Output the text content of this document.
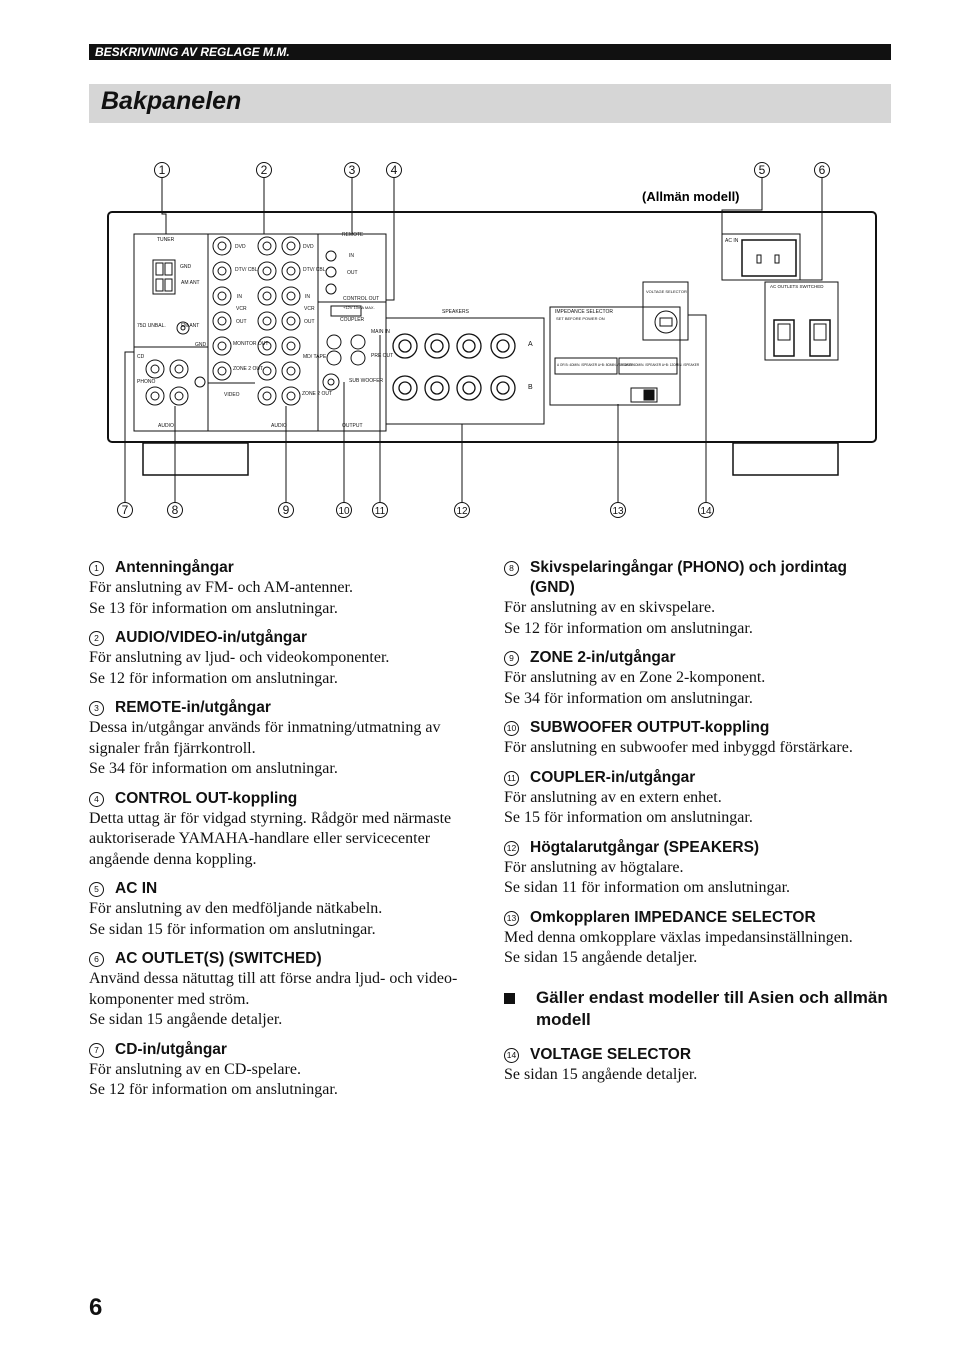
BESKRIVNING AV REGLAGE M.M.
Bakpanelen
1	2	3	4	5	6
(Allmän modell)
7	8	9	10	11	12	13	14
TUNER
GND
AM ANT
75Ω UNBAL.	FM ANT
GND
CD
PHONO
AUDIO
DVD
DTV/ CBL
IN
VCR
OUT
MONITOR OUT
ZONE 2 OUT
VIDEO
DVD
DTV/ CBL
IN
VCR
OUT
MD/ TAPE
ZONE 2 OUT
AUDIO
REMOTE
IN
OUT
CONTROL OUT
+12V 10mA MAX.
COUPLER
MAIN IN
PRE OUT
SUB WOOFER
OUTPUT
SPEAKERS
A
B
IMPEDANCE SELECTOR
SET BEFORE POWER ON
A OR B: 4ΩMIN. /SPEAKER A+B: 8ΩMIN. /SPEAKER
A OR B: 6ΩMIN. /SPEAKER A+B: 12ΩMIN. /SPEAKER
VOLTAGE SELECTOR
AC IN
AC OUTLETS SWITCHED
1	Antenningångar
För anslutning av FM- och AM-antenner.
Se 13 för information om anslutningar.
2	AUDIO/VIDEO-in/utgångar
För anslutning av ljud- och videokomponenter.
Se 12 för information om anslutningar.
3	REMOTE-in/utgångar
Dessa in/utgångar används för inmatning/utmatning av signaler från fjärrkontroll.
Se 34 för information om anslutningar.
4	CONTROL OUT-koppling
Detta uttag är för vidgad styrning. Rådgör med närmaste auktoriserade YAMAHA-handlare eller servicecenter angående denna koppling.
5	AC IN
För anslutning av den medföljande nätkabeln.
Se sidan 15 för information om anslutningar.
6	AC OUTLET(S) (SWITCHED)
Använd dessa nätuttag till att förse andra ljud- och video-komponenter med ström.
Se sidan 15 angående detaljer.
7	CD-in/utgångar
För anslutning av en CD-spelare.
Se 12 för information om anslutningar.
8	Skivspelaringångar (PHONO) och jordintag (GND)
För anslutning av en skivspelare.
Se 12 för information om anslutningar.
9	ZONE 2-in/utgångar
För anslutning av en Zone 2-komponent.
Se 34 för information om anslutningar.
10 SUBWOOFER OUTPUT-koppling
För anslutning en subwoofer med inbyggd förstärkare.
11 COUPLER-in/utgångar
För anslutning av en extern enhet.
Se 15 för information om anslutningar.
12 Högtalarutgångar (SPEAKERS)
För anslutning av högtalare.
Se sidan 11 för information om anslutningar.
13 Omkopplaren IMPEDANCE SELECTOR
Med denna omkopplare växlas impedansinställningen.
Se sidan 15 angående detaljer.
Gäller endast modeller till Asien och allmän modell
14 VOLTAGE SELECTOR
Se sidan 15 angående detaljer.
6
